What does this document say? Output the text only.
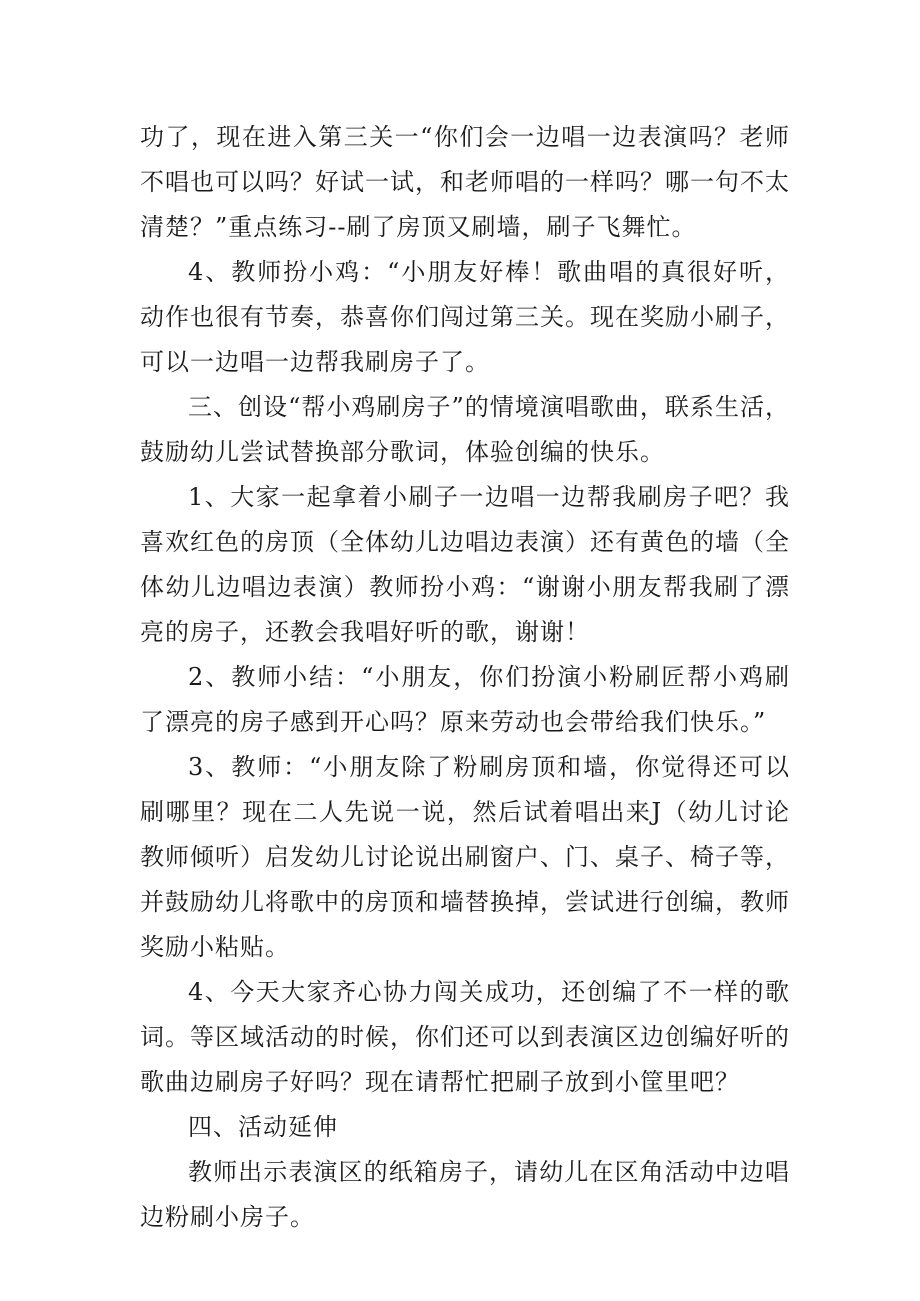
功了，现在进入第三关一“你们会一边唱一边表演吗？老师不唱也可以吗？好试一试，和老师唱的一样吗？哪一句不太清楚？”重点练习--刷了房顶又刷墙，刷子飞舞忙。

4、教师扮小鸡：“小朋友好棒！歌曲唱的真很好听，动作也很有节奏，恭喜你们闯过第三关。现在奖励小刷子，可以一边唱一边帮我刷房子了。

三、创设“帮小鸡刷房子”的情境演唱歌曲，联系生活，鼓励幼儿尝试替换部分歌词，体验创编的快乐。

1、大家一起拿着小刷子一边唱一边帮我刷房子吧？我喜欢红色的房顶（全体幼儿边唱边表演）还有黄色的墙（全体幼儿边唱边表演）教师扮小鸡：“谢谢小朋友帮我刷了漂亮的房子，还教会我唱好听的歌，谢谢！

2、教师小结：“小朋友，你们扮演小粉刷匠帮小鸡刷了漂亮的房子感到开心吗？原来劳动也会带给我们快乐。”

3、教师：“小朋友除了粉刷房顶和墙，你觉得还可以刷哪里？现在二人先说一说，然后试着唱出来J（幼儿讨论教师倾听）启发幼儿讨论说出刷窗户、门、桌子、椅子等，并鼓励幼儿将歌中的房顶和墙替换掉，尝试进行创编，教师奖励小粘贴。

4、今天大家齐心协力闯关成功，还创编了不一样的歌词。等区域活动的时候，你们还可以到表演区边创编好听的歌曲边刷房子好吗？现在请帮忙把刷子放到小筐里吧？

四、活动延伸

教师出示表演区的纸箱房子，请幼儿在区角活动中边唱边粉刷小房子。
